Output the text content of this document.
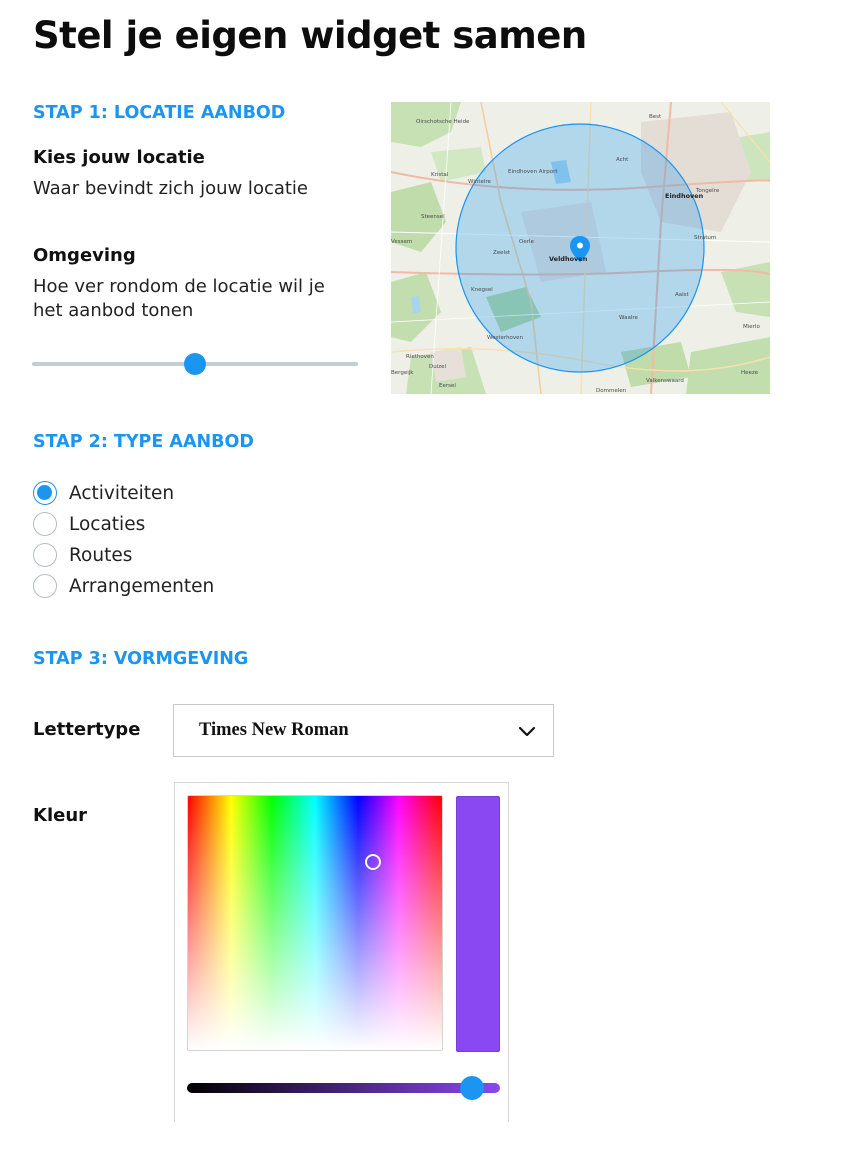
Stel je eigen widget samen
STAP 1: LOCATIE AANBOD
Kies jouw locatie
Waar bevindt zich jouw locatie
Omgeving
Hoe ver rondom de locatie wil je het aanbod tonen
Oirschotsche Heide
Best
Kristal
Wintelre
Eindhoven Airport
Acht
Eindhoven
Steensel
Zeelst
Oerle
Veldhoven
Vessem
Tongelre
Knegsel
Waalre
Riethoven
Aalst
Westerhoven
Dommelen
Valkenswaard
Bergeijk
Eersel
Duizel
Mierlo
Heeze
Stratum
STAP 2: TYPE AANBOD
Activiteiten
Locaties
Routes
Arrangementen
STAP 3: VORMGEVING
Lettertype	Times New Roman
Kleur
